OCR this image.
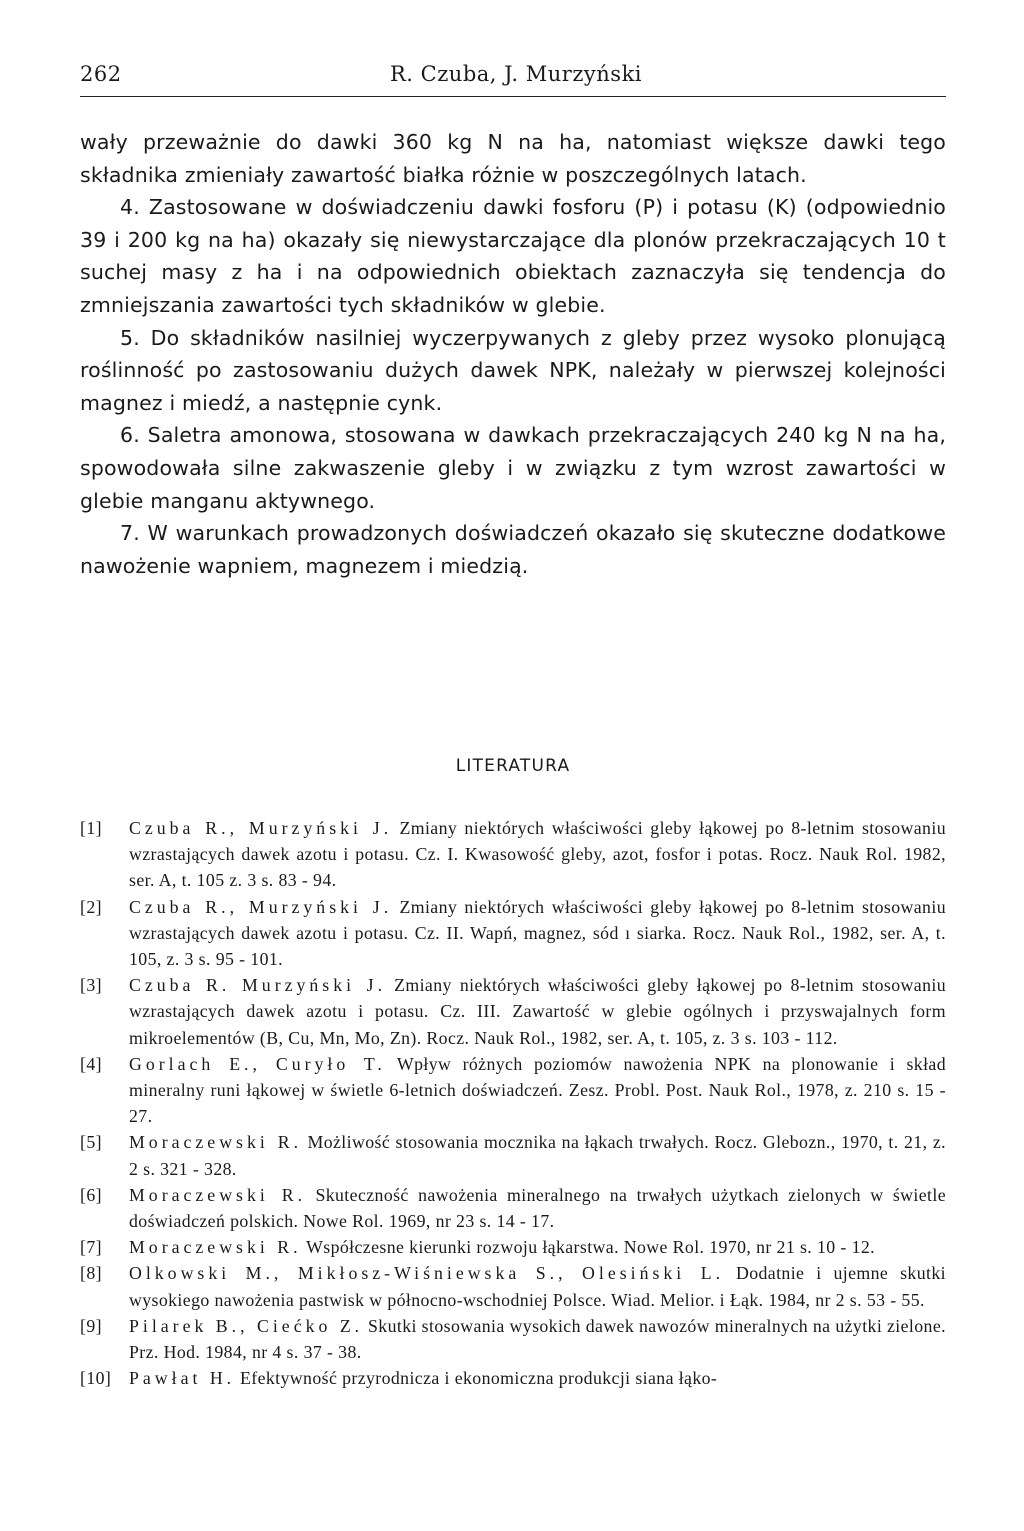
262	R. Czuba, J. Murzyński

wały przeważnie do dawki 360 kg N na ha, natomiast większe dawki tego składnika zmieniały zawartość białka różnie w poszczególnych latach.

4. Zastosowane w doświadczeniu dawki fosforu (P) i potasu (K) (odpowiednio 39 i 200 kg na ha) okazały się niewystarczające dla plonów przekraczających 10 t suchej masy z ha i na odpowiednich obiektach zaznaczyła się tendencja do zmniejszania zawartości tych składników w glebie.

5. Do składników nasilniej wyczerpywanych z gleby przez wysoko plonującą roślinność po zastosowaniu dużych dawek NPK, należały w pierwszej kolejności magnez i miedź, a następnie cynk.

6. Saletra amonowa, stosowana w dawkach przekraczających 240 kg N na ha, spowodowała silne zakwaszenie gleby i w związku z tym wzrost zawartości w glebie manganu aktywnego.

7. W warunkach prowadzonych doświadczeń okazało się skuteczne dodatkowe nawożenie wapniem, magnezem i miedzią.

LITERATURA
[1]	Czuba R., Murzyński J. Zmiany niektórych właściwości gleby łąkowej po 8-letnim stosowaniu wzrastających dawek azotu i potasu. Cz. I. Kwasowość gleby, azot, fosfor i potas. Rocz. Nauk Rol. 1982, ser. A, t. 105 z. 3 s. 83 - 94.
[2]	Czuba R., Murzyński J. Zmiany niektórych właściwości gleby łąkowej po 8-letnim stosowaniu wzrastających dawek azotu i potasu. Cz. II. Wapń, magnez, sód ı siarka. Rocz. Nauk Rol., 1982, ser. A, t. 105, z. 3 s. 95 - 101.
[3]	Czuba R. Murzyński J. Zmiany niektórych właściwości gleby łąkowej po 8-letnim stosowaniu wzrastających dawek azotu i potasu. Cz. III. Zawartość w glebie ogólnych i przyswajalnych form mikroelementów (B, Cu, Mn, Mo, Zn). Rocz. Nauk Rol., 1982, ser. A, t. 105, z. 3 s. 103 - 112.
[4]	Gorlach E., Curyło T. Wpływ różnych poziomów nawożenia NPK na plonowanie i skład mineralny runi łąkowej w świetle 6-letnich doświadczeń. Zesz. Probl. Post. Nauk Rol., 1978, z. 210 s. 15 - 27.
[5]	Moraczewski R. Możliwość stosowania mocznika na łąkach trwałych. Rocz. Glebozn., 1970, t. 21, z. 2 s. 321 - 328.
[6]	Moraczewski R. Skuteczność nawożenia mineralnego na trwałych użytkach zielonych w świetle doświadczeń polskich. Nowe Rol. 1969, nr 23 s. 14 - 17.
[7]	Moraczewski R. Współczesne kierunki rozwoju łąkarstwa. Nowe Rol. 1970, nr 21 s. 10 - 12.
[8]	Olkowski M., Mikłosz-Wiśniewska S., Olesiński L. Dodatnie i ujemne skutki wysokiego nawożenia pastwisk w północno-wschodniej Polsce. Wiad. Melior. i Łąk. 1984, nr 2 s. 53 - 55.
[9]	Pilarek B., Ciećko Z. Skutki stosowania wysokich dawek nawozów mineralnych na użytki zielone. Prz. Hod. 1984, nr 4 s. 37 - 38.
[10] Pawłat H. Efektywność przyrodnicza i ekonomiczna produkcji siana łąko-
